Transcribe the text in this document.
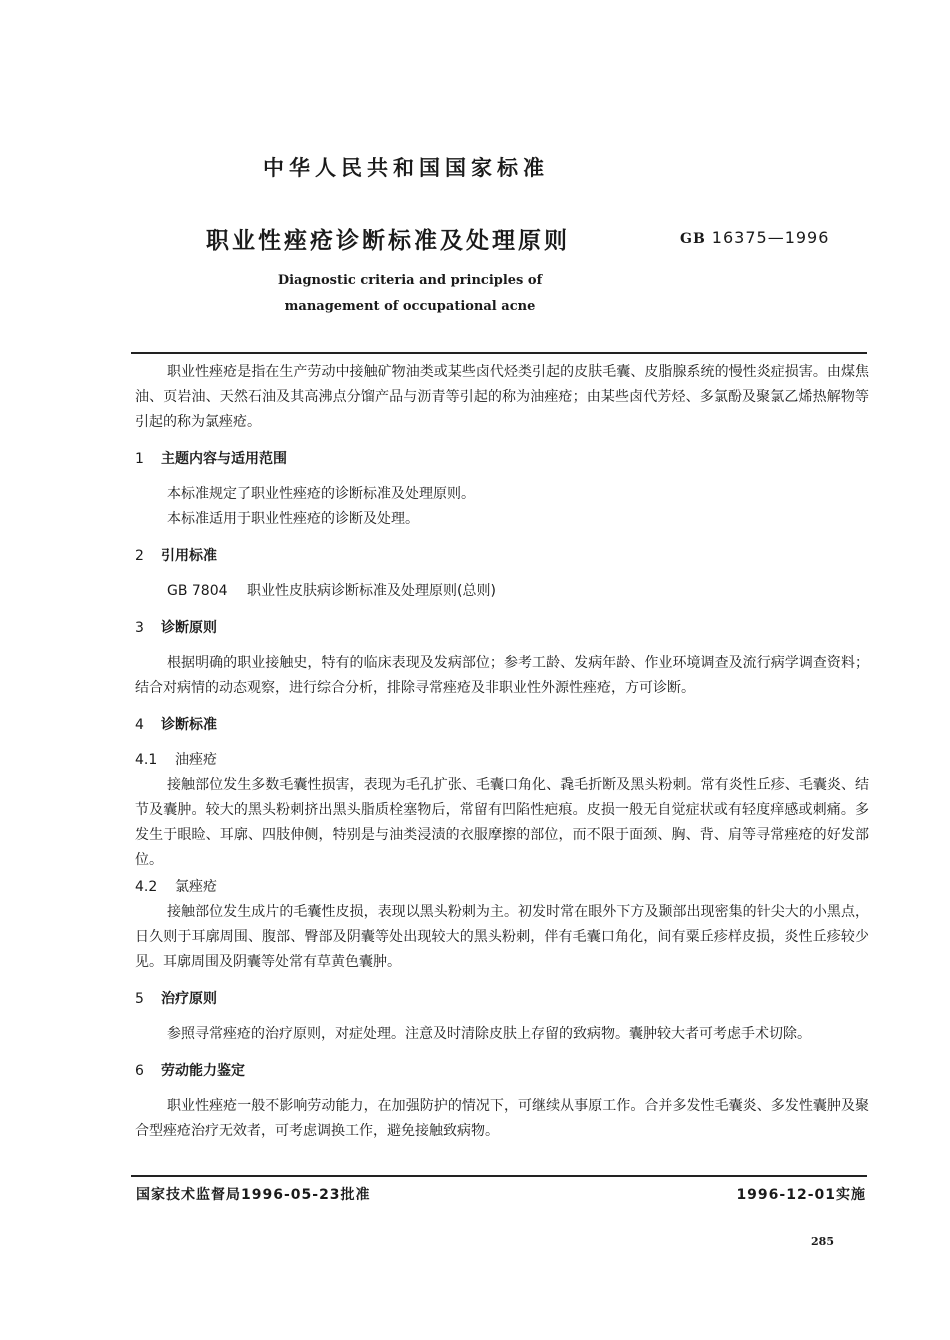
中华人民共和国国家标准
职业性痤疮诊断标准及处理原则	GB 16375—1996
Diagnostic criteria and principles of
management of occupational acne

职业性痤疮是指在生产劳动中接触矿物油类或某些卤代烃类引起的皮肤毛囊、皮脂腺系统的慢性炎症损害。由煤焦油、页岩油、天然石油及其高沸点分馏产品与沥青等引起的称为油痤疮；由某些卤代芳烃、多氯酚及聚氯乙烯热解物等引起的称为氯痤疮。

1 主题内容与适用范围

本标准规定了职业性痤疮的诊断标准及处理原则。

本标准适用于职业性痤疮的诊断及处理。

2 引用标准

GB 7804 职业性皮肤病诊断标准及处理原则(总则)

3 诊断原则

根据明确的职业接触史，特有的临床表现及发病部位；参考工龄、发病年龄、作业环境调查及流行病学调查资料；结合对病情的动态观察，进行综合分析，排除寻常痤疮及非职业性外源性痤疮，方可诊断。

4 诊断标准
4.1 油痤疮

接触部位发生多数毛囊性损害，表现为毛孔扩张、毛囊口角化、毳毛折断及黑头粉刺。常有炎性丘疹、毛囊炎、结节及囊肿。较大的黑头粉刺挤出黑头脂质栓塞物后，常留有凹陷性疤痕。皮损一般无自觉症状或有轻度痒感或刺痛。多发生于眼睑、耳廓、四肢伸侧，特别是与油类浸渍的衣服摩擦的部位，而不限于面颈、胸、背、肩等寻常痤疮的好发部位。

4.2 氯痤疮

接触部位发生成片的毛囊性皮损，表现以黑头粉刺为主。初发时常在眼外下方及颞部出现密集的针尖大的小黑点，日久则于耳廓周围、腹部、臀部及阴囊等处出现较大的黑头粉刺，伴有毛囊口角化，间有粟丘疹样皮损，炎性丘疹较少见。耳廓周围及阴囊等处常有草黄色囊肿。

5 治疗原则

参照寻常痤疮的治疗原则，对症处理。注意及时清除皮肤上存留的致病物。囊肿较大者可考虑手术切除。

6 劳动能力鉴定

职业性痤疮一般不影响劳动能力，在加强防护的情况下，可继续从事原工作。合并多发性毛囊炎、多发性囊肿及聚合型痤疮治疗无效者，可考虑调换工作，避免接触致病物。

国家技术监督局1996-05-23批准	1996-12-01实施
285
